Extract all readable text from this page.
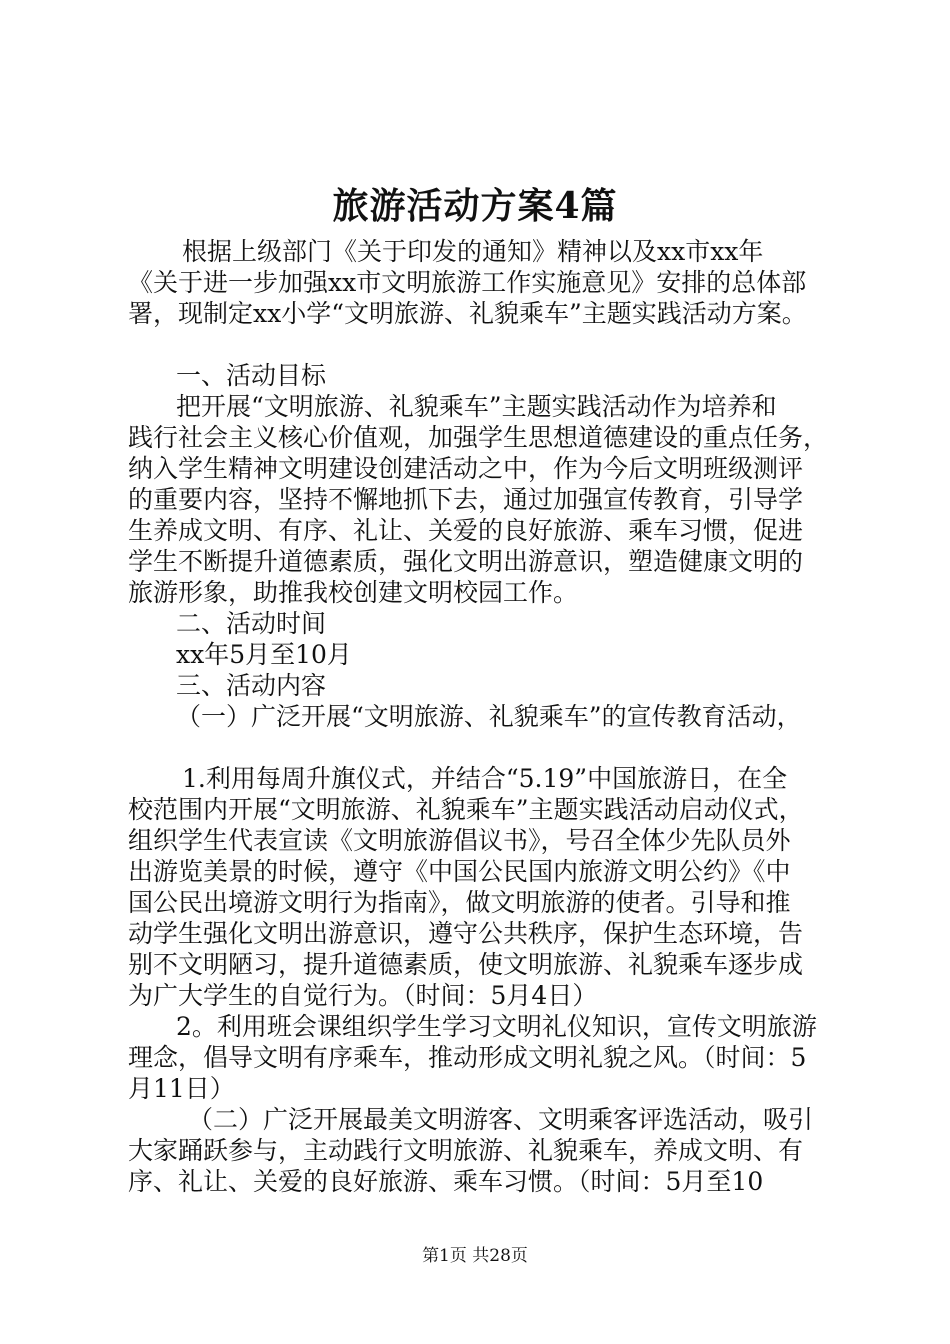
旅游活动方案4篇
根据上级部门《关于印发的通知》精神以及xx市xx年
《关于进一步加强xx市文明旅游工作实施意见》安排的总体部
署，现制定xx小学“文明旅游、礼貌乘车”主题实践活动方案。
一、活动目标
把开展“文明旅游、礼貌乘车”主题实践活动作为培养和
践行社会主义核心价值观，加强学生思想道德建设的重点任务，
纳入学生精神文明建设创建活动之中，作为今后文明班级测评
的重要内容，坚持不懈地抓下去，通过加强宣传教育，引导学
生养成文明、有序、礼让、关爱的良好旅游、乘车习惯，促进
学生不断提升道德素质，强化文明出游意识，塑造健康文明的
旅游形象，助推我校创建文明校园工作。
二、活动时间
xx年5月至10月
三、活动内容
（一）广泛开展“文明旅游、礼貌乘车”的宣传教育活动，
1.利用每周升旗仪式，并结合“5.19”中国旅游日，在全
校范围内开展“文明旅游、礼貌乘车”主题实践活动启动仪式，
组织学生代表宣读《文明旅游倡议书》，号召全体少先队员外
出游览美景的时候，遵守《中国公民国内旅游文明公约》《中
国公民出境游文明行为指南》，做文明旅游的使者。引导和推
动学生强化文明出游意识，遵守公共秩序，保护生态环境，告
别不文明陋习，提升道德素质，使文明旅游、礼貌乘车逐步成
为广大学生的自觉行为。（时间：5月4日）
2。利用班会课组织学生学习文明礼仪知识，宣传文明旅游
理念，倡导文明有序乘车，推动形成文明礼貌之风。（时间：5
月11日）
（二）广泛开展最美文明游客、文明乘客评选活动，吸引
大家踊跃参与，主动践行文明旅游、礼貌乘车，养成文明、有
序、礼让、关爱的良好旅游、乘车习惯。（时间：5月至10
第1页 共28页
